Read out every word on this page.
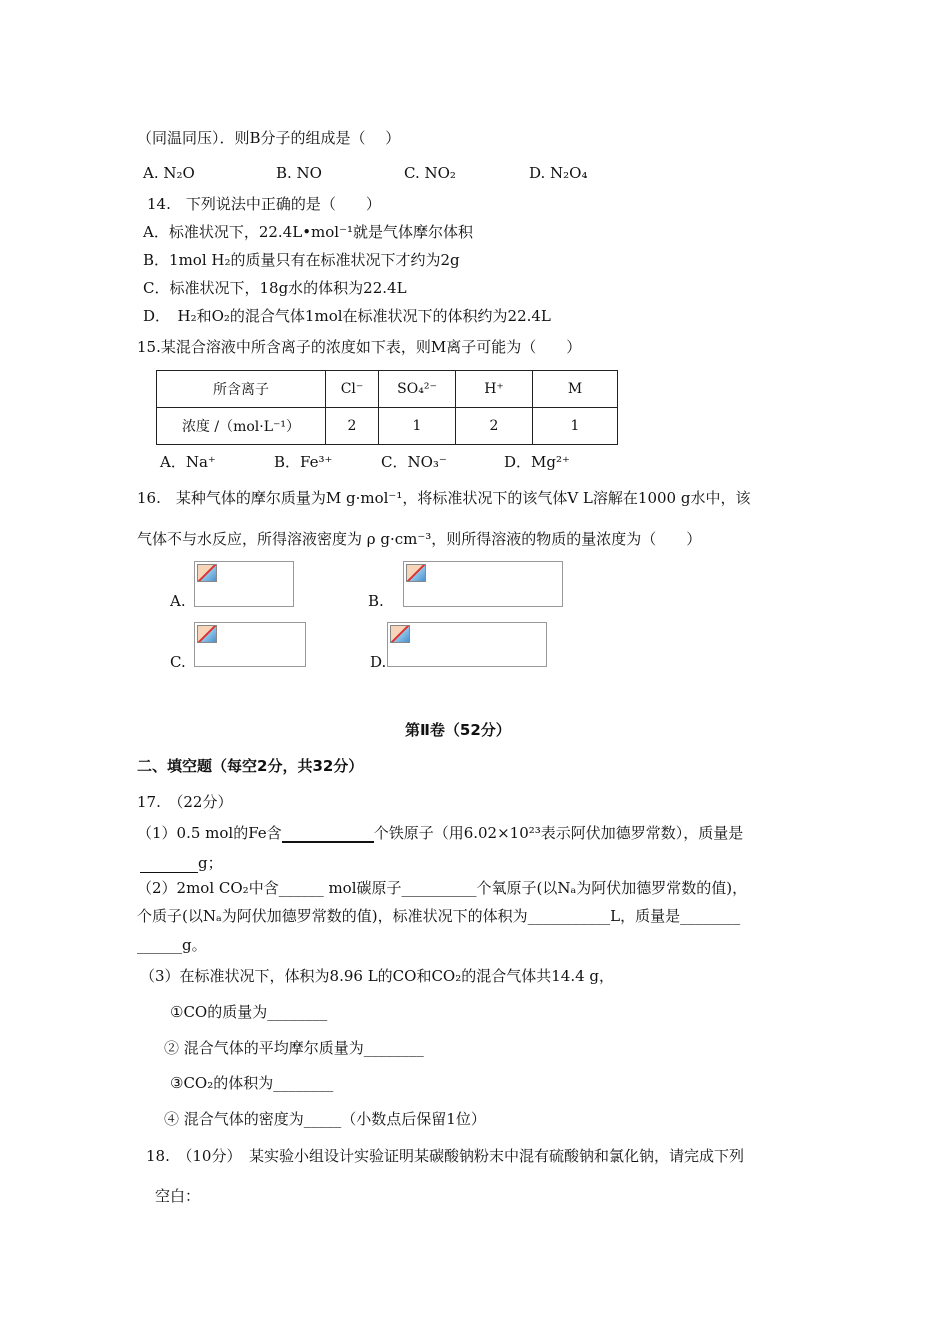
（同温同压）．则B分子的组成是（　 ）
A. N₂O	B. NO	C. NO₂	D. N₂O₄
14.　下列说法中正确的是（　　）
A．标准状况下，22.4L•mol⁻¹就是气体摩尔体积
B．1mol H₂的质量只有在标准状况下才约为2g
C．标准状况下，18g水的体积为22.4L
D．　H₂和O₂的混合气体1mol在标准状况下的体积约为22.4L
15.某混合溶液中所含离子的浓度如下表，则M离子可能为（　　）
所含离子	Cl⁻	SO₄²⁻	H⁺	M
浓度 /（mol·L⁻¹）	2	1	2	1
A．Na⁺	B．Fe³⁺	C．NO₃⁻	D．Mg²⁺
16.　某种气体的摩尔质量为M g·mol⁻¹，将标准状况下的该气体V L溶解在1000 g水中，该
气体不与水反应，所得溶液密度为 ρ g·cm⁻³，则所得溶液的物质的量浓度为（　　）
A.	B.
C.	D.
第Ⅱ卷（52分）
二、填空题（每空2分，共32分）
17.　（22分）
（1）0.5 mol的Fe含	个铁原子（用6.02×10²³表示阿伏加德罗常数），质量是
g；
（2）2mol CO₂中含______ mol碳原子__________个氧原子(以Nₐ为阿伏加德罗常数的值)，
个质子(以Nₐ为阿伏加德罗常数的值)，标准状况下的体积为___________L，质量是________
______g。
（3）在标准状况下，体积为8.96 L的CO和CO₂的混合气体共14.4 g，
①CO的质量为________
② 混合气体的平均摩尔质量为________
③CO₂的体积为________
④ 混合气体的密度为_____（小数点后保留1位）
18.　（10分）　某实验小组设计实验证明某碳酸钠粉末中混有硫酸钠和氯化钠，请完成下列
空白：
